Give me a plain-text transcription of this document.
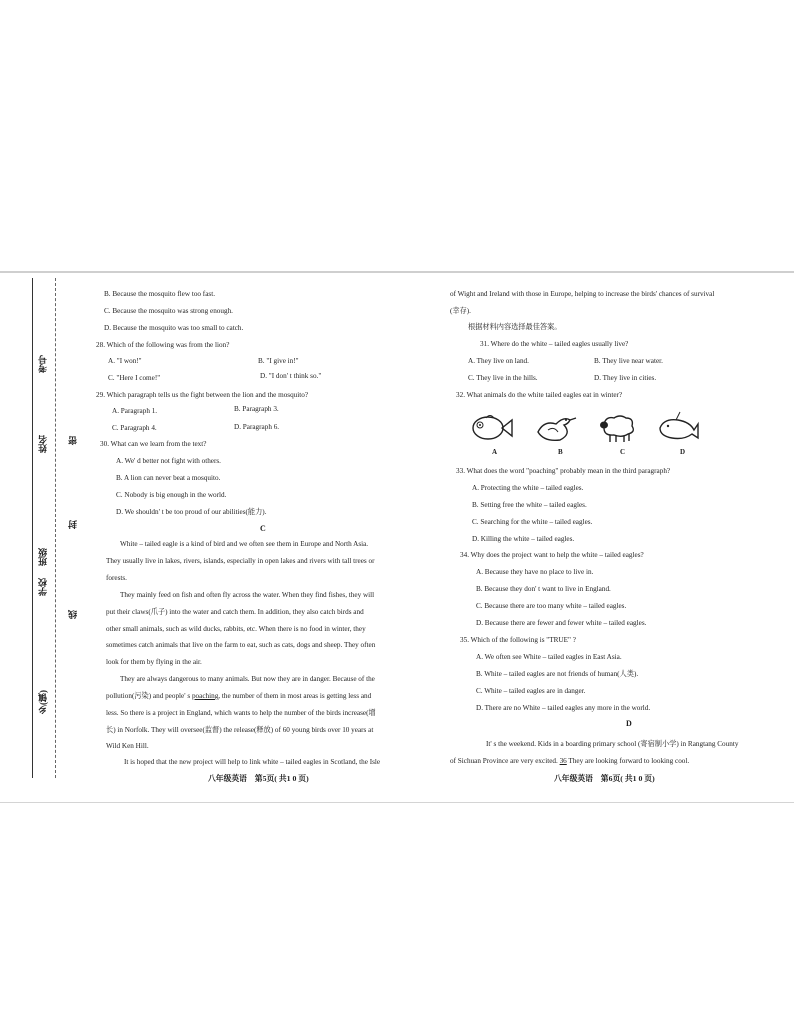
考号
姓名 密
班级
学校
封
乡(镇)
线
B. Because the mosquito flew too fast.
C. Because the mosquito was strong enough.
D. Because the mosquito was too small to catch.
28. Which of the following was from the lion?
A. "I won!"	B. "I give in!"
C. "Here I come!"	D. "I don' t think so."
29. Which paragraph tells us the fight between the lion and the mosquito?
A. Paragraph 1.	B. Paragraph 3.
C. Paragraph 4.	D. Paragraph 6.
30. What can we learn from the text?
A. We' d better not fight with others.
B. A lion can never beat a mosquito.
C. Nobody is big enough in the world.
D. We shouldn' t be too proud of our abilities(能力).
C
White – tailed eagle is a kind of bird and we often see them in Europe and North Asia.
They usually live in lakes, rivers, islands, especially in open lakes and rivers with tall trees or
forests.
They mainly feed on fish and often fly across the water. When they find fishes, they will
put their claws(爪子) into the water and catch them. In addition, they also catch birds and
other small animals, such as wild ducks, rabbits, etc. When there is no food in winter, they
sometimes catch animals that live on the farm to eat, such as cats, dogs and sheep. They often
look for them by flying in the air.
They are always dangerous to many animals. But now they are in danger. Because of the
pollution(污染) and people' s poaching, the number of them in most areas is getting less and
less. So there is a project in England, which wants to help the number of the birds increase(增
长) in Norfolk. They will oversee(监督) the release(释放) of 60 young birds over 10 years at
Wild Ken Hill.
It is hoped that the new project will help to link white – tailed eagles in Scotland, the Isle
八年级英语　第5页( 共1 0 页)
of Wight and Ireland with those in Europe, helping to increase the birds' chances of survival
(幸存).
根据材料内容选择最佳答案。
31. Where do the white – tailed eagles usually live?
A. They live on land.	B. They live near water.
C. They live in the hills.	D. They live in cities.
32. What animals do the white tailed eagles eat in winter?
33. What does the word "poaching" probably mean in the third paragraph?
A. Protecting the white – tailed eagles.
B. Setting free the white – tailed eagles.
C. Searching for the white – tailed eagles.
D. Killing the white – tailed eagles.
34. Why does the project want to help the white – tailed eagles?
A. Because they have no place to live in.
B. Because they don' t want to live in England.
C. Because there are too many white – tailed eagles.
D. Because there are fewer and fewer white – tailed eagles.
35. Which of the following is "TRUE" ?
A. We often see White – tailed eagles in East Asia.
B. White – tailed eagles are not friends of human(人类).
C. White – tailed eagles are in danger.
D. There are no White – tailed eagles any more in the world.
D
It' s the weekend. Kids in a boarding primary school (寄宿制小学) in Rangtang County
of Sichuan Province are very excited. 36 They are looking forward to looking cool.
八年级英语　第6页( 共1 0 页)
A	B	C	D
